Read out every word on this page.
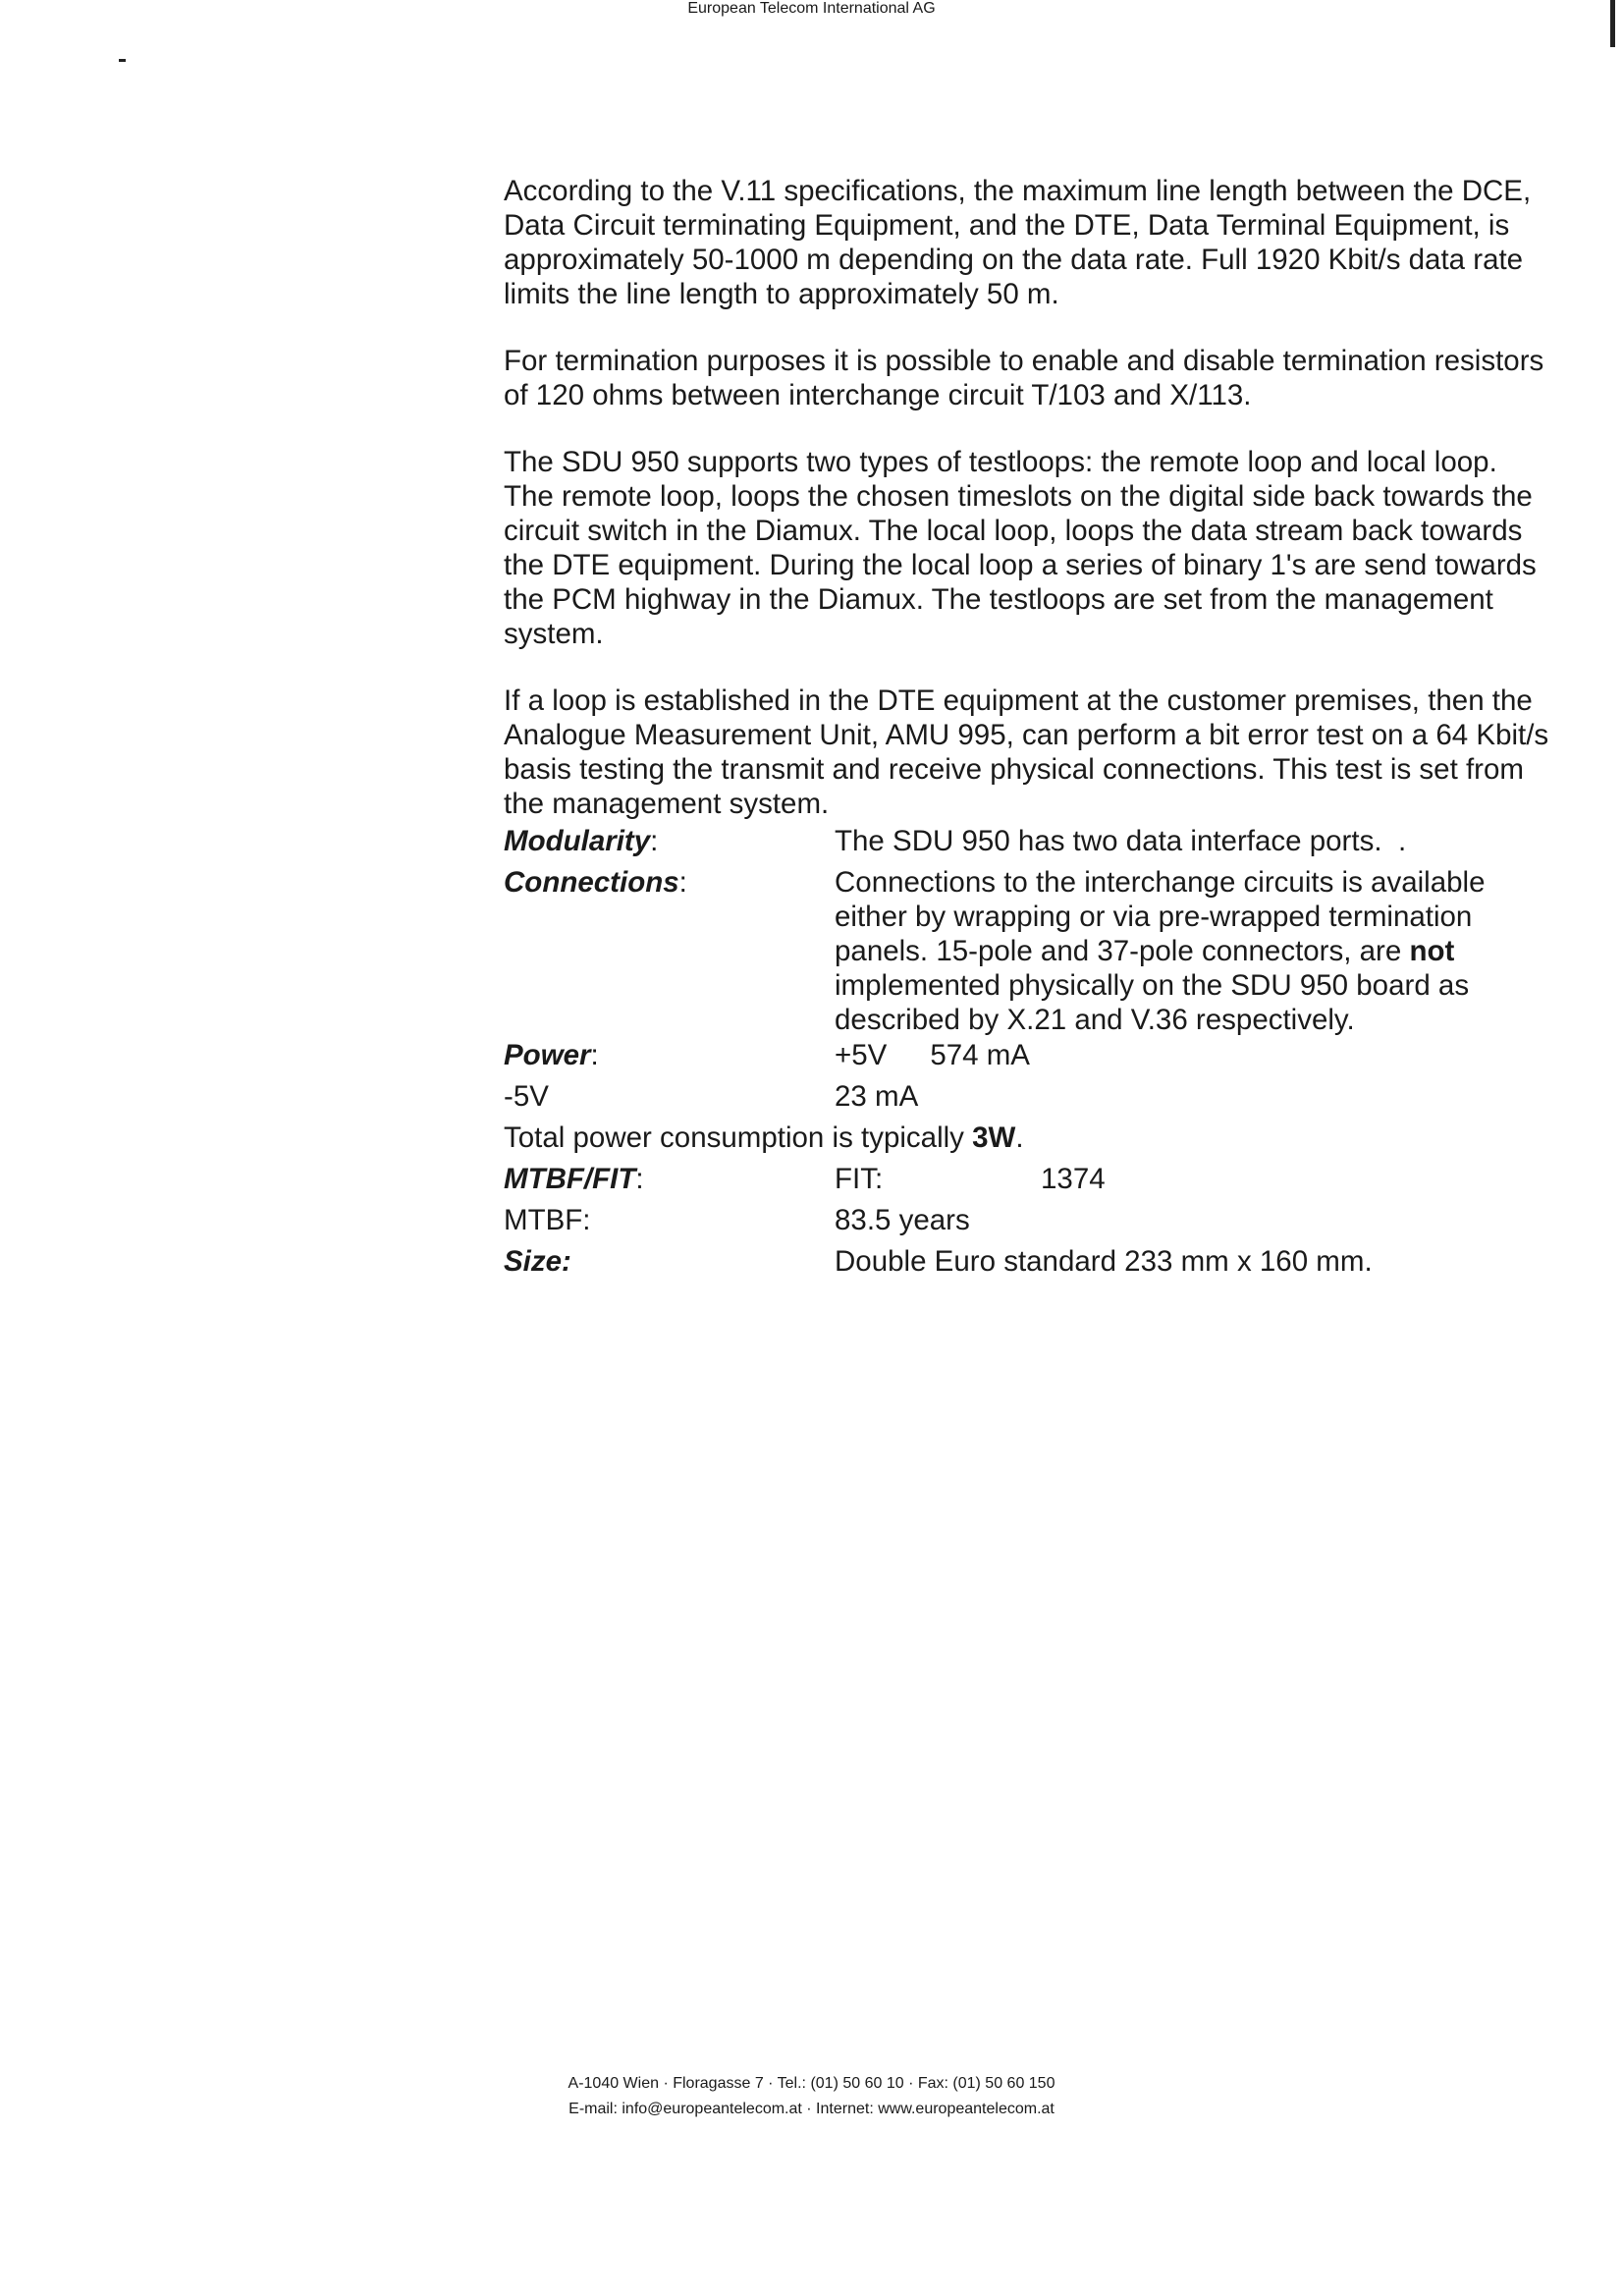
According to the V.11 specifications, the maximum line length between the DCE, Data Circuit terminating Equipment, and the DTE, Data Terminal Equipment, is approximately 50-1000 m depending on the data rate. Full 1920 Kbit/s data rate limits the line length to approximately 50 m.

For termination purposes it is possible to enable and disable termination resistors of 120 ohms between interchange circuit T/103 and X/113.

The SDU 950 supports two types of testloops: the remote loop and local loop. The remote loop, loops the chosen timeslots on the digital side back towards the circuit switch in the Diamux. The local loop, loops the data stream back towards the DTE equipment. During the local loop a series of binary 1's are send towards the PCM highway in the Diamux. The testloops are set from the management system.

If a loop is established in the DTE equipment at the customer premises, then the Analogue Measurement Unit, AMU 995, can perform a bit error test on a 64 Kbit/s basis testing the transmit and receive physical connections. This test is set from the management system.

Modularity:	The SDU 950 has two data interface ports. .
Connections:	Connections to the interchange circuits is available either by wrapping or via pre-wrapped termination panels. 15-pole and 37-pole connectors, are not implemented physically on the SDU 950 board as described by X.21 and V.36 respectively.
Power:	+5V 574 mA
-5V	23 mA
Total power consumption is typically 3W.
MTBF/FIT:	FIT:	1374
MTBF:	83.5 years
Size:	Double Euro standard 233 mm x 160 mm.
European Telecom International AG
A-1040 Wien · Floragasse 7 · Tel.: (01) 50 60 10 · Fax: (01) 50 60 150
E-mail: info@europeantelecom.at · Internet: www.europeantelecom.at
